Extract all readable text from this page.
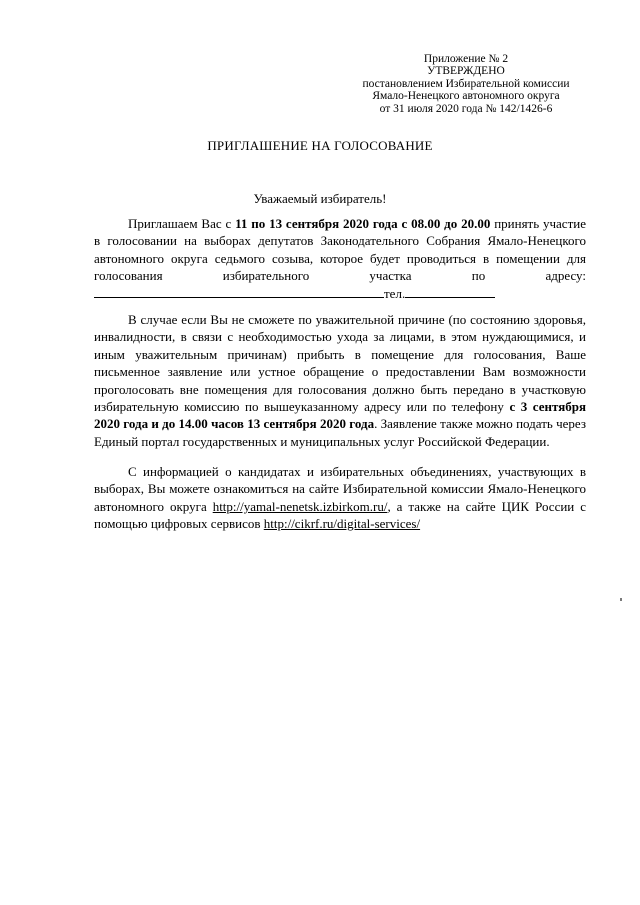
Приложение № 2
УТВЕРЖДЕНО
постановлением Избирательной комиссии
Ямало-Ненецкого автономного округа
от 31 июля 2020 года № 142/1426-6
ПРИГЛАШЕНИЕ НА ГОЛОСОВАНИЕ
Уважаемый избиратель!
Приглашаем Вас с 11 по 13 сентября 2020 года с 08.00 до 20.00 принять участие в голосовании на выборах депутатов Законодательного Собрания Ямало-Ненецкого автономного округа седьмого созыва, которое будет проводиться в помещении для голосования избирательного участка по адресу: тел.
В случае если Вы не сможете по уважительной причине (по состоянию здоровья, инвалидности, в связи с необходимостью ухода за лицами, в этом нуждающимися, и иным уважительным причинам) прибыть в помещение для голосования, Ваше письменное заявление или устное обращение о предоставлении Вам возможности проголосовать вне помещения для голосования должно быть передано в участковую избирательную комиссию по вышеуказанному адресу или по телефону с 3 сентября 2020 года и до 14.00 часов 13 сентября 2020 года. Заявление также можно подать через Единый портал государственных и муниципальных услуг Российской Федерации.
С информацией о кандидатах и избирательных объединениях, участвующих в выборах, Вы можете ознакомиться на сайте Избирательной комиссии Ямало-Ненецкого автономного округа http://yamal-nenetsk.izbirkom.ru/, а также на сайте ЦИК России с помощью цифровых сервисов http://cikrf.ru/digital-services/
